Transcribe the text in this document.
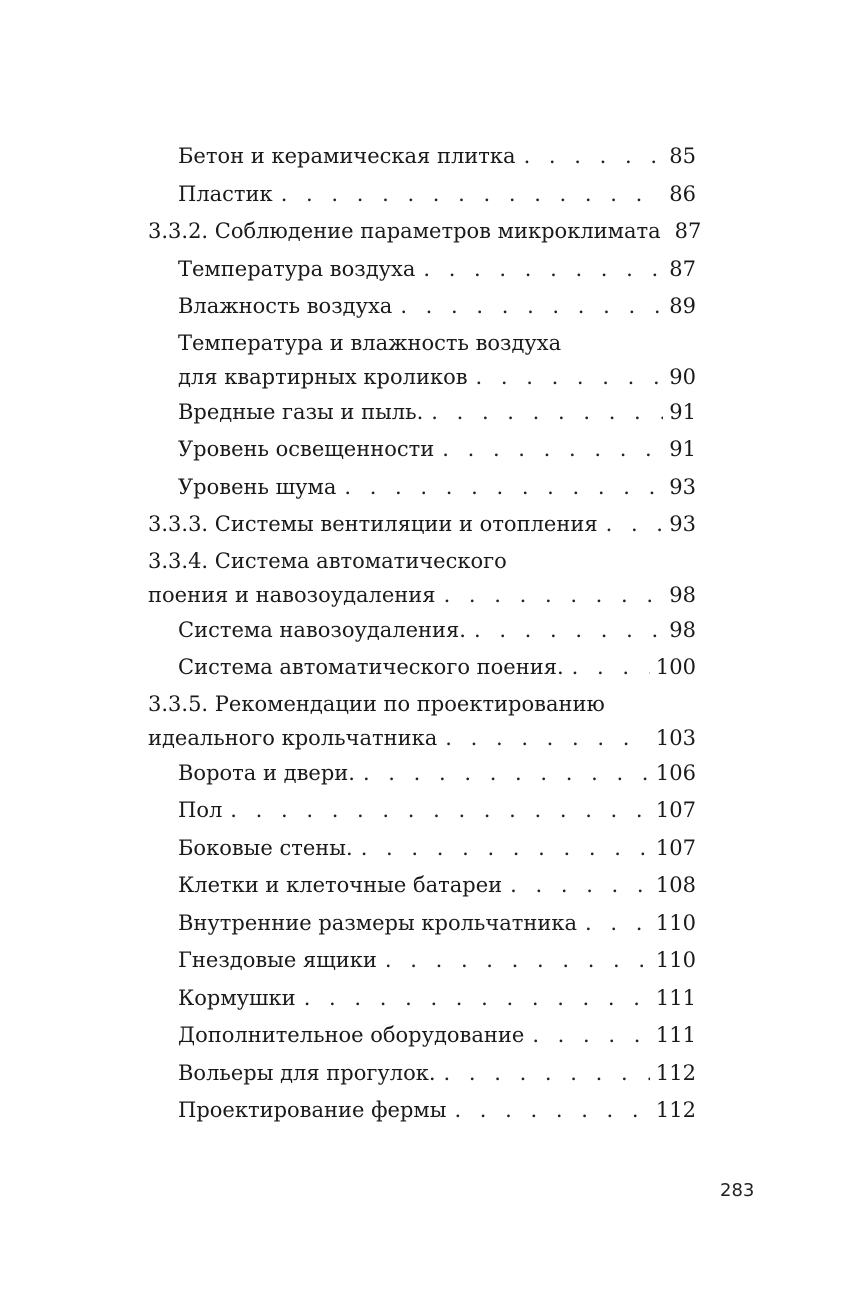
Бетон и керамическая плитка . . .	85
Пластик . . .	86
3.3.2. Соблюдение параметров микроклимата 87
Температура воздуха . . .	87
Влажность воздуха . . .	89
Температура и влажность воздуха
для квартирных кроликов . . .	90
Вредные газы и пыль. . . .	91
Уровень освещенности . . .	91
Уровень шума . . .	93
3.3.3. Системы вентиляции и отопления . . .	93
3.3.4. Система автоматического
поения и навозоудаления . . .	98
Система навозоудаления. . . .	98
Система автоматического поения. . . .	100
3.3.5. Рекомендации по проектированию
идеального крольчатника . . .	103
Ворота и двери. . . .	106
Пол . . .	107
Боковые стены. . . .	107
Клетки и клеточные батареи . . .	108
Внутренние размеры крольчатника . . .	110
Гнездовые ящики . . .	110
Кормушки . . .	111
Дополнительное оборудование . . .	111
Вольеры для прогулок. . . .	112
Проектирование фермы . . .	112
283
